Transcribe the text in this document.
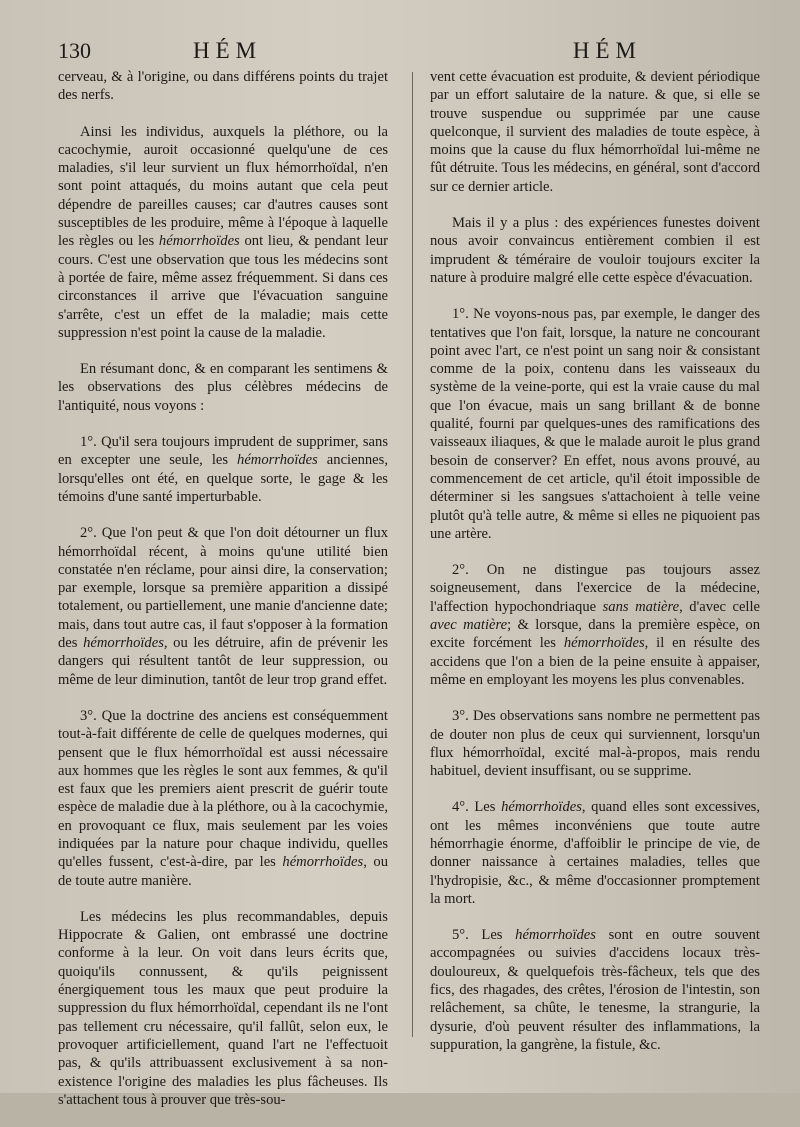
130	HÉM	HÉM

cerveau, & à l'origine, ou dans différens points du trajet des nerfs.

Ainsi les individus, auxquels la pléthore, ou la cacochymie, auroit occasionné quelqu'une de ces maladies, s'il leur survient un flux hémorrhoïdal, n'en sont point attaqués, du moins autant que cela peut dépendre de pareilles causes; car d'autres causes sont susceptibles de les produire, même à l'époque à laquelle les règles ou les hémorrhoïdes ont lieu, & pendant leur cours. C'est une observation que tous les médecins sont à portée de faire, même assez fréquemment. Si dans ces circonstances il arrive que l'évacuation sanguine s'arrête, c'est un effet de la maladie; mais cette suppression n'est point la cause de la maladie.

En résumant donc, & en comparant les sentimens & les observations des plus célèbres médecins de l'antiquité, nous voyons :

1°. Qu'il sera toujours imprudent de supprimer, sans en excepter une seule, les hémorrhoïdes anciennes, lorsqu'elles ont été, en quelque sorte, le gage & les témoins d'une santé imperturbable.

2°. Que l'on peut & que l'on doit détourner un flux hémorrhoïdal récent, à moins qu'une utilité bien constatée n'en réclame, pour ainsi dire, la conservation; par exemple, lorsque sa première apparition a dissipé totalement, ou partiellement, une manie d'ancienne date; mais, dans tout autre cas, il faut s'opposer à la formation des hémorrhoïdes, ou les détruire, afin de prévenir les dangers qui résultent tantôt de leur suppression, ou même de leur diminution, tantôt de leur trop grand effet.

3°. Que la doctrine des anciens est conséquemment tout-à-fait différente de celle de quelques modernes, qui pensent que le flux hémorrhoïdal est aussi nécessaire aux hommes que les règles le sont aux femmes, & qu'il est faux que les premiers aient prescrit de guérir toute espèce de maladie due à la pléthore, ou à la cacochymie, en provoquant ce flux, mais seulement par les voies indiquées par la nature pour chaque individu, quelles qu'elles fussent, c'est-à-dire, par les hémorrhoïdes, ou de toute autre manière.

Les médecins les plus recommandables, depuis Hippocrate & Galien, ont embrassé une doctrine conforme à la leur. On voit dans leurs écrits que, quoiqu'ils connussent, & qu'ils peignissent énergiquement tous les maux que peut produire la suppression du flux hémorrhoïdal, cependant ils ne l'ont pas tellement cru nécessaire, qu'il fallût, selon eux, le provoquer artificiellement, quand l'art ne l'effectuoit pas, & qu'ils attribuassent exclusivement à sa non-existence l'origine des maladies les plus fâcheuses. Ils s'attachent tous à prouver que très-sou-

vent cette évacuation est produite, & devient périodique par un effort salutaire de la nature. & que, si elle se trouve suspendue ou supprimée par une cause quelconque, il survient des maladies de toute espèce, à moins que la cause du flux hémorrhoïdal lui-même ne fût détruite. Tous les médecins, en général, sont d'accord sur ce dernier article.

Mais il y a plus : des expériences funestes doivent nous avoir convaincus entièrement combien il est imprudent & téméraire de vouloir toujours exciter la nature à produire malgré elle cette espèce d'évacuation.

1°. Ne voyons-nous pas, par exemple, le danger des tentatives que l'on fait, lorsque, la nature ne concourant point avec l'art, ce n'est point un sang noir & consistant comme de la poix, contenu dans les vaisseaux du système de la veine-porte, qui est la vraie cause du mal que l'on évacue, mais un sang brillant & de bonne qualité, fourni par quelques-unes des ramifications des vaisseaux iliaques, & que le malade auroit le plus grand besoin de conserver? En effet, nous avons prouvé, au commencement de cet article, qu'il étoit impossible de déterminer si les sangsues s'attachoient à telle veine plutôt qu'à telle autre, & même si elles ne piquoient pas une artère.

2°. On ne distingue pas toujours assez soigneusement, dans l'exercice de la médecine, l'affection hypochondriaque sans matière, d'avec celle avec matière; & lorsque, dans la première espèce, on excite forcément les hémorrhoïdes, il en résulte des accidens que l'on a bien de la peine ensuite à appaiser, même en employant les moyens les plus convenables.

3°. Des observations sans nombre ne permettent pas de douter non plus de ceux qui surviennent, lorsqu'un flux hémorrhoïdal, excité mal-à-propos, mais rendu habituel, devient insuffisant, ou se supprime.

4°. Les hémorrhoïdes, quand elles sont excessives, ont les mêmes inconvéniens que toute autre hémorrhagie énorme, d'affoiblir le principe de vie, de donner naissance à certaines maladies, telles que l'hydropisie, &c., & même d'occasionner promptement la mort.

5°. Les hémorrhoïdes sont en outre souvent accompagnées ou suivies d'accidens locaux très-douloureux, & quelquefois très-fâcheux, tels que des fics, des rhagades, des crêtes, l'érosion de l'intestin, son relâchement, sa chûte, le tenesme, la strangurie, la dysurie, d'où peuvent résulter des inflammations, la suppuration, la gangrène, la fistule, &c.
